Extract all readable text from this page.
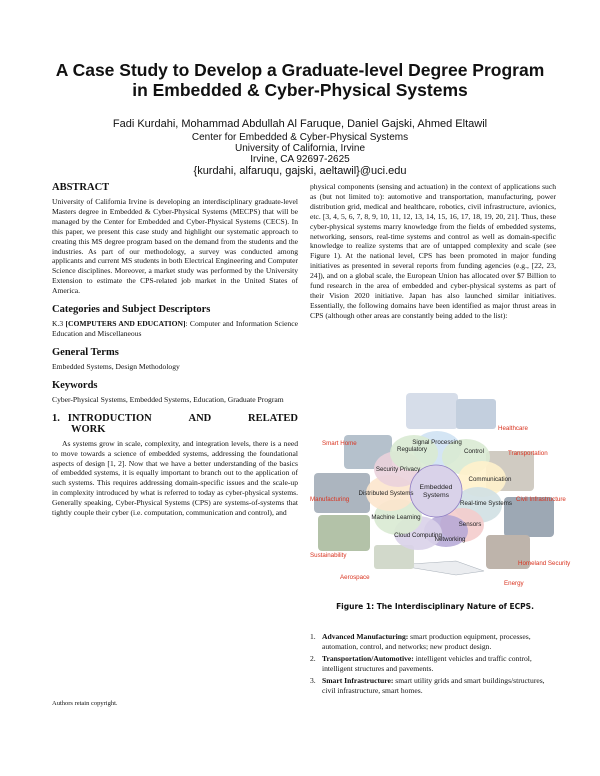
A Case Study to Develop a Graduate-level Degree Program
in Embedded & Cyber-Physical Systems
Fadi Kurdahi, Mohammad Abdullah Al Faruque, Daniel Gajski, Ahmed Eltawil
Center for Embedded & Cyber-Physical Systems
University of California, Irvine
Irvine, CA 92697-2625
{kurdahi, alfaruqu, gajski, aeltawil}@uci.edu
ABSTRACT

University of California Irvine is developing an interdisciplinary graduate-level Masters degree in Embedded & Cyber-Physical Systems (MECPS) that will be managed by the Center for Embedded and Cyber-Physical Systems (CECS). In this paper, we present this case study and highlight our systematic approach to creating this MS degree program based on the demand from the students and the industries. As part of our methodology, a survey was conducted among applicants and current MS students in both Electrical Engineering and Computer Science disciplines. Moreover, a market study was performed by the University Extension to estimate the CPS-related job market in the United States of America.

Categories and Subject Descriptors

K.3 [COMPUTERS AND EDUCATION]: Computer and Information Science Education and Miscellaneous

General Terms

Embedded Systems, Design Methodology

Keywords

Cyber-Physical Systems, Embedded Systems, Education, Graduate Program

1. INTRODUCTION	AND	RELATED
WORK

As systems grow in scale, complexity, and integration levels, there is a need to move towards a science of embedded systems, addressing the foundational aspects of design [1, 2]. Now that we have a better understanding of the basics of embedded systems, it is equally important to branch out to the application of such systems. This requires addressing domain-specific issues and the scale-up in complexity introduced by what is referred to today as cyber-physical systems. Generally speaking, Cyber-Physical Systems (CPS) are systems-of-systems that tightly couple their cyber (i.e. computation, communication and control), and

physical components (sensing and actuation) in the context of applications such as (but not limited to): automotive and transportation, manufacturing, power distribution grid, medical and healthcare, robotics, civil infrastructure, avionics, etc. [3, 4, 5, 6, 7, 8, 9, 10, 11, 12, 13, 14, 15, 16, 17, 18, 19, 20, 21]. Thus, these cyber-physical systems marry knowledge from the fields of embedded systems, networking, sensors, real-time systems and control as well as domain-specific knowledge to realize systems that are of untapped complexity and scale (see Figure 1). At the national level, CPS has been promoted in major funding initiatives as presented in several reports from funding agencies (e.g., [22, 23, 24]), and on a global scale, the European Union has allocated over $7 Billion to fund research in the area of embedded and cyber-physical systems as part of their Vision 2020 initiative. Japan has also launched similar initiatives. Essentially, the following domains have been identified as major thrust areas in CPS (although other areas are constantly being added to the list):

Signal Processing
Control
Communication
Real-time Systems
Sensors
Networking
Cloud Computing
Machine Learning
Distributed Systems
Security Privacy
Regulatory
Embedded
Systems
Healthcare
Transportation
Civil Infrastructure
Homeland Security
Energy
Aerospace
Sustainability
Manufacturing
Smart Home
Figure 1: The Interdisciplinary Nature of ECPS.
1. Advanced Manufacturing: smart production equipment, processes, automation, control, and networks; new product design.
2. Transportation/Automotive: intelligent vehicles and traffic control, intelligent structures and pavements.
3. Smart Infrastructure: smart utility grids and smart buildings/structures, civil infrastructure, smart homes.
Authors retain copyright.
